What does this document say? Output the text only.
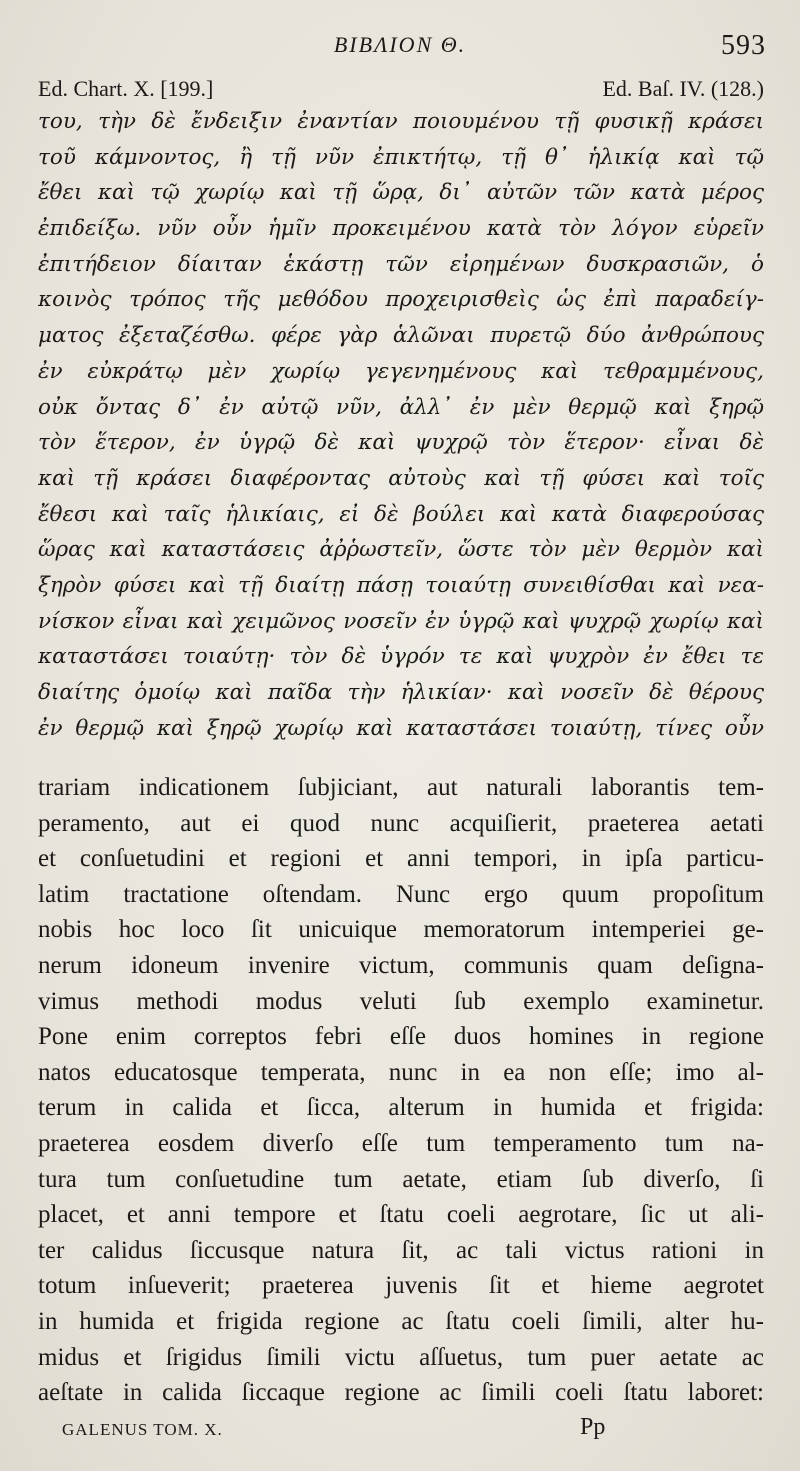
ΒΙΒΛΙΟΝ Θ.	593
Ed. Chart. X. [199.]	Ed. Baſ. IV. (128.)
του, τὴν δὲ ἔνδειξιν ἐναντίαν ποιουμένου τῇ φυσικῇ κράσει
τοῦ κάμνοντος, ἢ τῇ νῦν ἐπικτήτῳ, τῇ θ᾽ ἡλικίᾳ καὶ τῷ
ἔθει καὶ τῷ χωρίῳ καὶ τῇ ὥρᾳ, δι᾽ αὐτῶν τῶν κατὰ μέρος
ἐπιδείξω. νῦν οὖν ἡμῖν προκειμένου κατὰ τὸν λόγον εὑρεῖν
ἐπιτήδειον δίαιταν ἑκάστῃ τῶν εἰρημένων δυσκρασιῶν, ὁ
κοινὸς τρόπος τῆς μεθόδου προχειρισθεὶς ὡς ἐπὶ παραδείγ-
ματος ἐξεταζέσθω. φέρε γὰρ ἁλῶναι πυρετῷ δύο ἀνθρώπους
ἐν εὐκράτῳ μὲν χωρίῳ γεγενημένους καὶ τεθραμμένους,
οὐκ ὄντας δ᾽ ἐν αὐτῷ νῦν, ἀλλ᾽ ἐν μὲν θερμῷ καὶ ξηρῷ
τὸν ἕτερον, ἐν ὑγρῷ δὲ καὶ ψυχρῷ τὸν ἕτερον· εἶναι δὲ
καὶ τῇ κράσει διαφέροντας αὐτοὺς καὶ τῇ φύσει καὶ τοῖς
ἔθεσι καὶ ταῖς ἡλικίαις, εἰ δὲ βούλει καὶ κατὰ διαφερούσας
ὥρας καὶ καταστάσεις ἀῤῥωστεῖν, ὥστε τὸν μὲν θερμὸν καὶ
ξηρὸν φύσει καὶ τῇ διαίτῃ πάσῃ τοιαύτῃ συνειθίσθαι καὶ νεα-
νίσκον εἶναι καὶ χειμῶνος νοσεῖν ἐν ὑγρῷ καὶ ψυχρῷ χωρίῳ καὶ
καταστάσει τοιαύτῃ· τὸν δὲ ὑγρόν τε καὶ ψυχρὸν ἐν ἔθει τε
διαίτης ὁμοίῳ καὶ παῖδα τὴν ἡλικίαν· καὶ νοσεῖν δὲ θέρους
ἐν θερμῷ καὶ ξηρῷ χωρίῳ καὶ καταστάσει τοιαύτῃ, τίνες οὖν
trariam indicationem ſubjiciant, aut naturali laborantis tem-
peramento, aut ei quod nunc acquiſierit, praeterea aetati
et conſuetudini et regioni et anni tempori, in ipſa particu-
latim tractatione oſtendam. Nunc ergo quum propoſitum
nobis hoc loco ſit unicuique memoratorum intemperiei ge-
nerum idoneum invenire victum, communis quam deſigna-
vimus methodi modus veluti ſub exemplo examinetur.
Pone enim correptos febri eſſe duos homines in regione
natos educatosque temperata, nunc in ea non eſſe; imo al-
terum in calida et ſicca, alterum in humida et frigida:
praeterea eosdem diverſo eſſe tum temperamento tum na-
tura tum conſuetudine tum aetate, etiam ſub diverſo, ſi
placet, et anni tempore et ſtatu coeli aegrotare, ſic ut ali-
ter calidus ſiccusque natura ſit, ac tali victus rationi in
totum inſueverit; praeterea juvenis ſit et hieme aegrotet
in humida et frigida regione ac ſtatu coeli ſimili, alter hu-
midus et ſrigidus ſimili victu aſſuetus, tum puer aetate ac
aeſtate in calida ſiccaque regione ac ſimili coeli ſtatu laboret:
GALENUS TOM. X.	Pp
